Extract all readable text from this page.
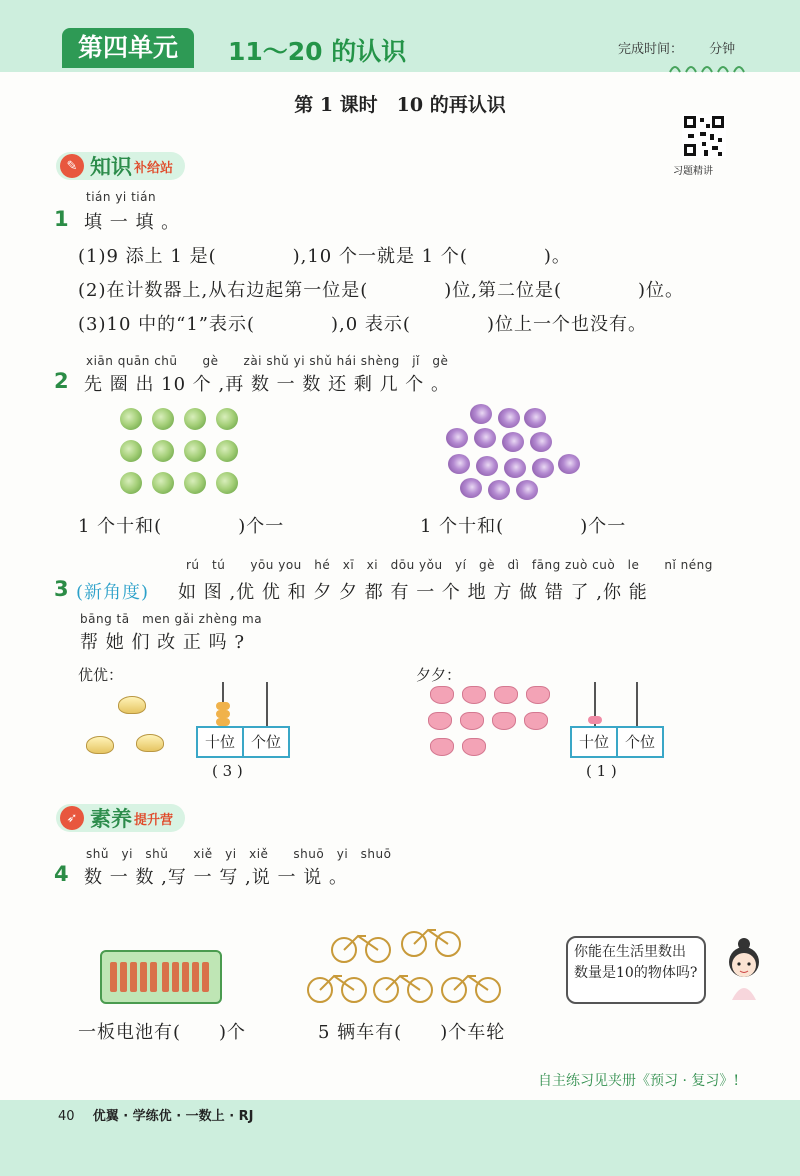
第四单元	11～20 的认识	完成时间： 分钟
第 1 课时　10 的再认识
习题精讲
✎ 知识 补给站
tián yi tián
1 填 一 填 。
(1)9 添上 1 是(　　　　),10 个一就是 1 个(　　　　)。
(2)在计数器上,从右边起第一位是(　　　　)位,第二位是(　　　　)位。
(3)10 中的“1”表示(　　　　),0 表示(　　　　)位上一个也没有。
xiān quān chū　　gè　　zài shǔ yi shǔ hái shèng　jǐ　gè
2 先 圈 出 10 个 ,再 数 一 数 还 剩 几 个 。
1 个十和(　　　　)个一	1 个十和(　　　　)个一
rú　tú　　yōu you　hé　xī　xi　dōu yǒu　yí　gè　dì　fāng zuò cuò　le　　nǐ néng
3 (新角度) 如 图 ,优 优 和 夕 夕 都 有 一 个 地 方 做 错 了 ,你 能
bāng tā　men gǎi zhèng ma
帮 她 们 改 正 吗 ?
优优：
十位	个位
( 3 )
夕夕：
十位	个位
( 1 )
➶ 素养 提升营
shǔ　yi　shǔ　　xiě　yi　xiě　　shuō　yi　shuō
4 数 一 数 ,写 一 写 ,说 一 说 。
你能在生活里数出数量是10的物体吗?
一板电池有(　　)个	5 辆车有(　　)个车轮
自主练习见夹册《预习 · 复习》!
40 优翼 · 学练优 · 一数上 · RJ
